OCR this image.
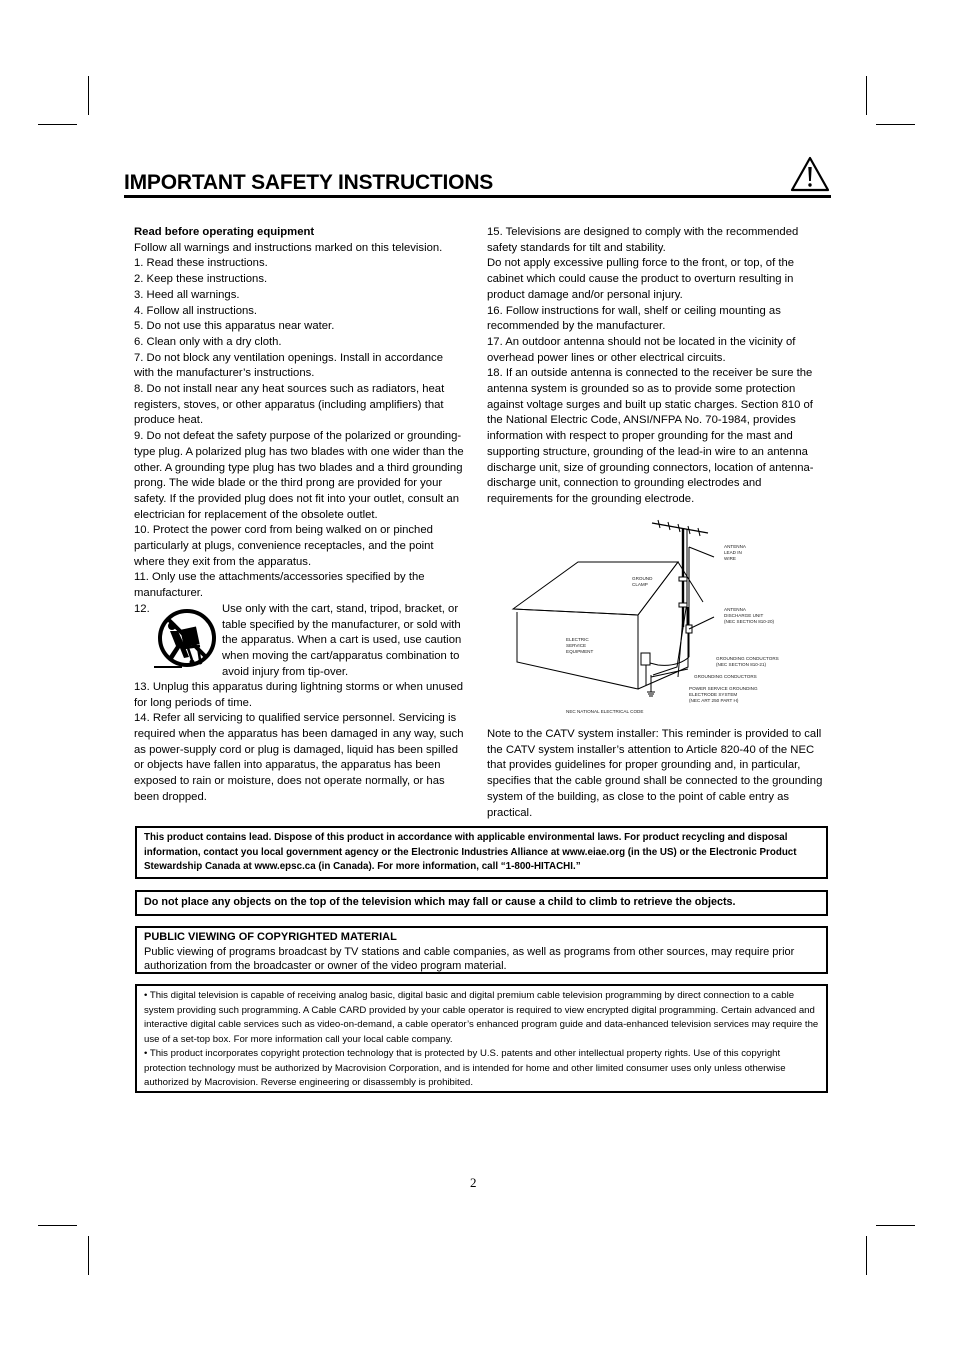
IMPORTANT SAFETY INSTRUCTIONS

Read before operating equipment

Follow all warnings and instructions marked on this television.

1. Read these instructions.

2. Keep these instructions.

3. Heed all warnings.

4. Follow all instructions.

5. Do not use this apparatus near water.

6. Clean only with a dry cloth.

7. Do not block any ventilation openings. Install in accordance with the manufacturer’s instructions.

8. Do not install near any heat sources such as radiators, heat registers, stoves, or other apparatus (including amplifiers) that produce heat.

9. Do not defeat the safety purpose of the polarized or grounding-type plug. A polarized plug has two blades with one wider than the other. A grounding type plug has two blades and a third grounding prong. The wide blade or the third prong are provided for your safety. If the provided plug does not fit into your outlet, consult an electrician for replacement of the obsolete outlet.

10. Protect the power cord from being walked on or pinched particularly at plugs, convenience receptacles, and the point where they exit from the apparatus.

11. Only use the attachments/accessories specified by the manufacturer.

12.	Use only with the cart, stand, tripod, bracket, or table specified by the manufacturer, or sold with the apparatus. When a cart is used, use caution when moving the cart/apparatus combination to avoid injury from tip-over.

13. Unplug this apparatus during lightning storms or when unused for long periods of time.

14. Refer all servicing to qualified service personnel. Servicing is required when the apparatus has been damaged in any way, such as power-supply cord or plug is damaged, liquid has been spilled or objects have fallen into apparatus, the apparatus has been exposed to rain or moisture, does not operate normally, or has been dropped.

15. Televisions are designed to comply with the recommended safety standards for tilt and stability.

Do not apply excessive pulling force to the front, or top, of the cabinet which could cause the product to overturn resulting in product damage and/or personal injury.

16. Follow instructions for wall, shelf or ceiling mounting as recommended by the manufacturer.

17. An outdoor antenna should not be located in the vicinity of overhead power lines or other electrical circuits.

18. If an outside antenna is connected to the receiver be sure the antenna system is grounded so as to provide some protection against voltage surges and built up static charges. Section 810 of the National Electric Code, ANSI/NFPA No. 70-1984, provides information with respect to proper grounding for the mast and supporting structure, grounding of the lead-in wire to an antenna discharge unit, size of grounding connectors, location of antenna-discharge unit, connection to grounding electrodes and requirements for the grounding electrode.

ANTENNA
LEAD IN
WIRE
GROUND
CLAMP
ANTENNA
DISCHARGE UNIT
(NEC SECTION 810-20)
ELECTRIC
SERVICE
EQUIPMENT
GROUNDING CONDUCTORS
(NEC SECTION 810-21)
GROUNDING CONDUCTORS
POWER SERVICE GROUNDING
ELECTRODE SYSTEM
(NEC ART 250 PART H)
NEC NATIONAL ELECTRICAL CODE
Note to the CATV system installer: This reminder is provided to call the CATV system installer’s attention to Article 820-40 of the NEC that provides guidelines for proper grounding and, in particular, specifies that the cable ground shall be connected to the grounding system of the building, as close to the point of cable entry as practical.

This product contains lead. Dispose of this product in accordance with applicable environmental laws. For product recycling and disposal information, contact you local government agency or the Electronic Industries Alliance at www.eiae.org (in the US) or the Electronic Product Stewardship Canada at www.epsc.ca (in Canada). For more information, call “1-800-HITACHI.”

Do not place any objects on the top of the television which may fall or cause a child to climb to retrieve the objects.

PUBLIC VIEWING OF COPYRIGHTED MATERIAL

Public viewing of programs broadcast by TV stations and cable companies, as well as programs from other sources, may require prior authorization from the broadcaster or owner of the video program material.

• This digital television is capable of receiving analog basic, digital basic and digital premium cable television programming by direct connection to a cable system providing such programming. A Cable CARD provided by your cable operator is required to view encrypted digital programming. Certain advanced and interactive digital cable services such as video-on-demand, a cable operator’s enhanced program guide and data-enhanced television services may require the use of a set-top box. For more information call your local cable company.

• This product incorporates copyright protection technology that is protected by U.S. patents and other intellectual property rights. Use of this copyright protection technology must be authorized by Macrovision Corporation, and is intended for home and other limited consumer uses only unless otherwise authorized by Macrovision. Reverse engineering or disassembly is prohibited.

2
